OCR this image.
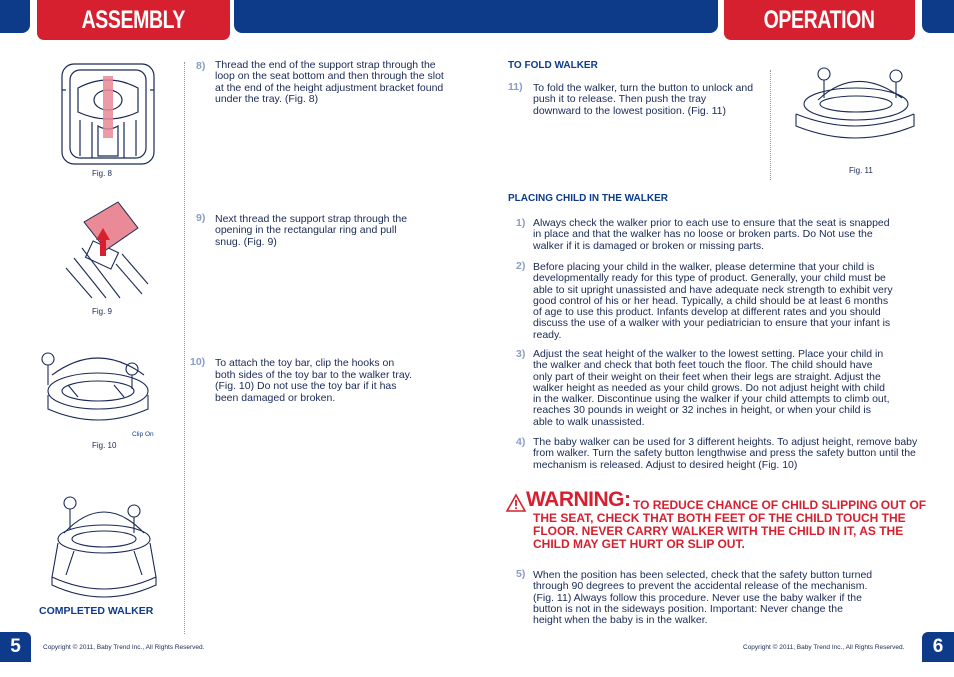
ASSEMBLY	OPERATION
Fig. 8
Fig. 9
Clip On
Fig. 10
COMPLETED WALKER
8) Thread the end of the support strap through the loop on the seat bottom and then through the slot at the end of the height adjustment bracket found under the tray. (Fig. 8)
9) Next thread the support strap through the opening in the rectangular ring and pull snug. (Fig. 9)
10) To attach the toy bar, clip the hooks on both sides of the toy bar to the walker tray. (Fig. 10) Do not use the toy bar if it has been damaged or broken.
TO FOLD WALKER
11) To fold the walker, turn the button to unlock and push it to release. Then push the tray downward to the lowest position. (Fig. 11)
Fig. 11
PLACING CHILD IN THE WALKER
1) Always check the walker prior to each use to ensure that the seat is snapped in place and that the walker has no loose or broken parts. Do Not use the walker if it is damaged or broken or missing parts.
2) Before placing your child in the walker, please determine that your child is developmentally ready for this type of product. Generally, your child must be able to sit upright unassisted and have adequate neck strength to exhibit very good control of his or her head. Typically, a child should be at least 6 months of age to use this product. Infants develop at different rates and you should discuss the use of a walker with your pediatrician to ensure that your infant is ready.
3) Adjust the seat height of the walker to the lowest setting. Place your child in the walker and check that both feet touch the floor. The child should have only part of their weight on their feet when their legs are straight. Adjust the walker height as needed as your child grows. Do not adjust height with child in the walker. Discontinue using the walker if your child attempts to climb out, reaches 30 pounds in weight or 32 inches in height, or when your child is able to walk unassisted.
4) The baby walker can be used for 3 different heights. To adjust height, remove baby from walker. Turn the safety button lengthwise and press the safety button until the mechanism is released. Adjust to desired height (Fig. 10)
WARNING: TO REDUCE CHANCE OF CHILD SLIPPING OUT OF THE SEAT, CHECK THAT BOTH FEET OF THE CHILD TOUCH THE FLOOR. NEVER CARRY WALKER WITH THE CHILD IN IT, AS THE CHILD MAY GET HURT OR SLIP OUT.
5) When the position has been selected, check that the safety button turned through 90 degrees to prevent the accidental release of the mechanism. (Fig. 11) Always follow this procedure. Never use the baby walker if the button is not in the sideways position. Important: Never change the height when the baby is in the walker.
5	Copyright © 2011, Baby Trend Inc., All Rights Reserved.	Copyright © 2011, Baby Trend Inc., All Rights Reserved.	6
